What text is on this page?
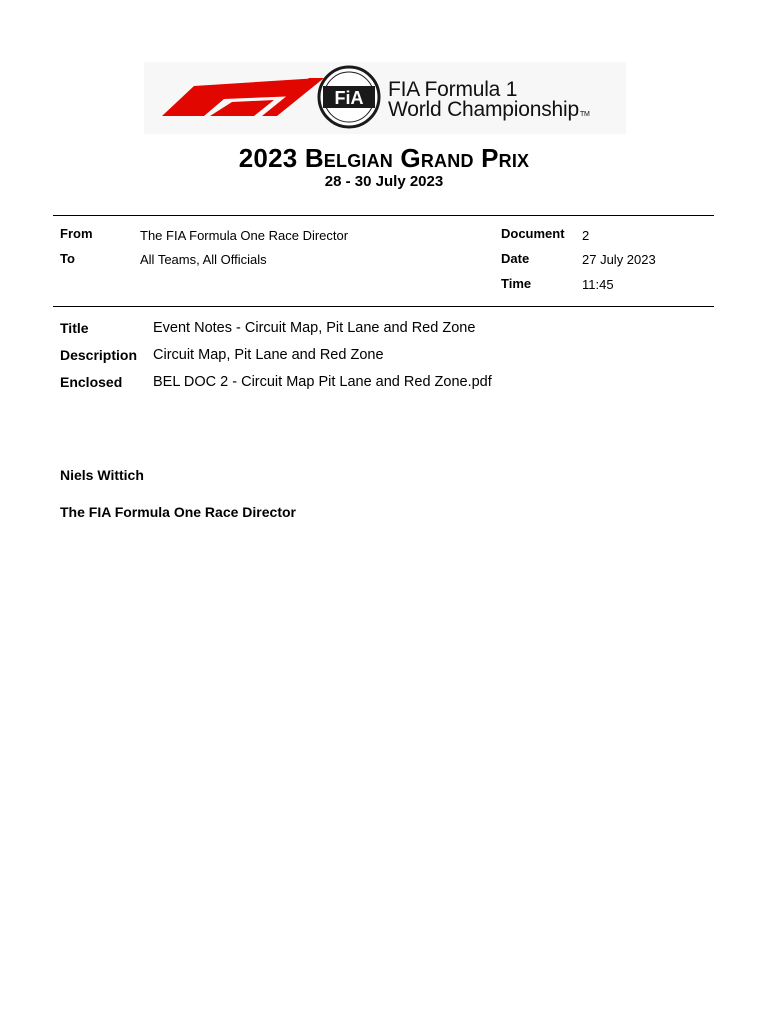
FiA FIA Formula 1
World ChampionshipTM
2023 Belgian Grand Prix
28 - 30 July 2023
From	The FIA Formula One Race Director
To	All Teams, All Officials
Document 2
Date	27 July 2023
Time	11:45
Title	Event Notes - Circuit Map, Pit Lane and Red Zone
Description Circuit Map, Pit Lane and Red Zone
Enclosed BEL DOC 2 - Circuit Map Pit Lane and Red Zone.pdf
Niels Wittich
The FIA Formula One Race Director
